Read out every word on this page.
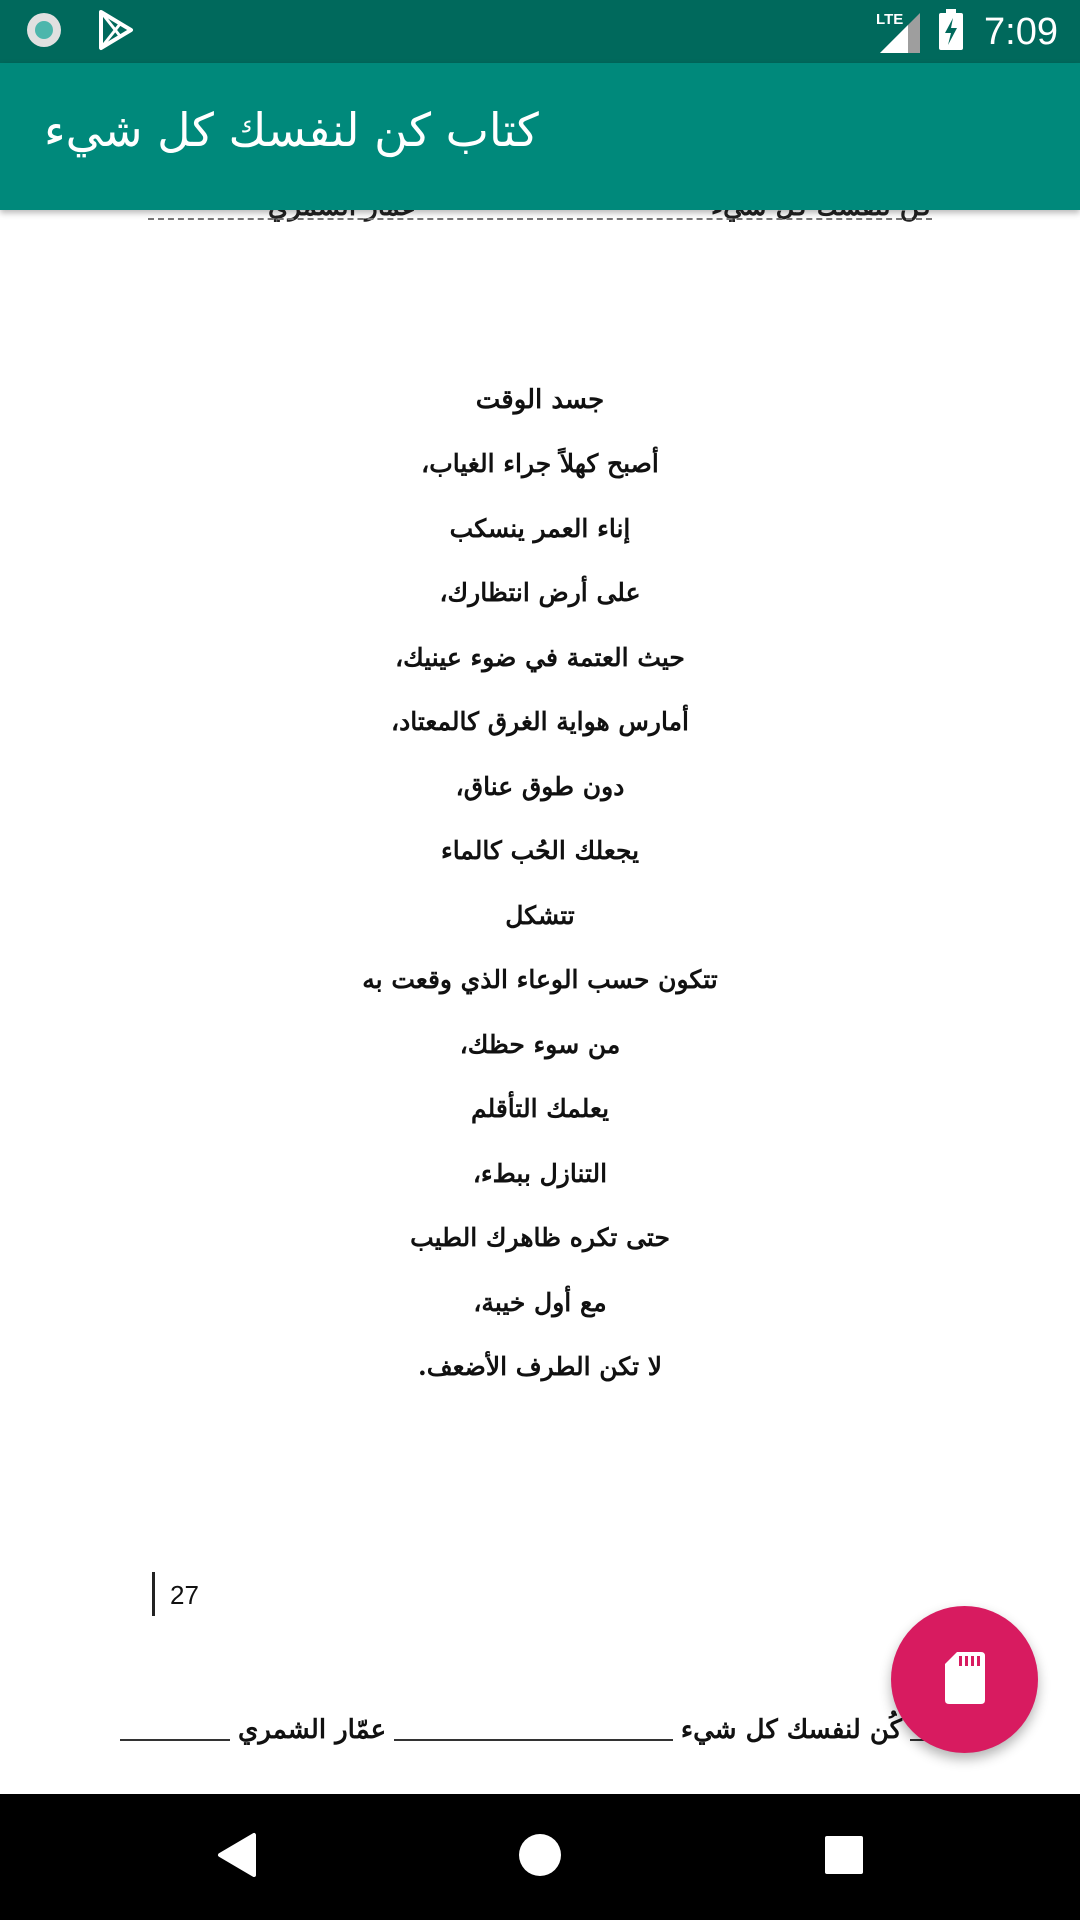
LTE 7:09
كتاب كن لنفسك كل شيء
جسد الوقت
أصبح كهلاً جراء الغياب،
إناء العمر ينسكب
على أرض انتظارك،
حيث العتمة في ضوء عينيك،
أمارس هواية الغرق كالمعتاد،
دون طوق عناق،
يجعلك الحُب كالماء
تتشكل
تتكون حسب الوعاء الذي وقعت به
من سوء حظك،
يعلمك التأقلم
التنازل ببطء،
حتى تكره ظاهرك الطيب
مع أول خيبة،
لا تكن الطرف الأضعف.
27
كُن لنفسك كل شيء
عمّار الشمري
